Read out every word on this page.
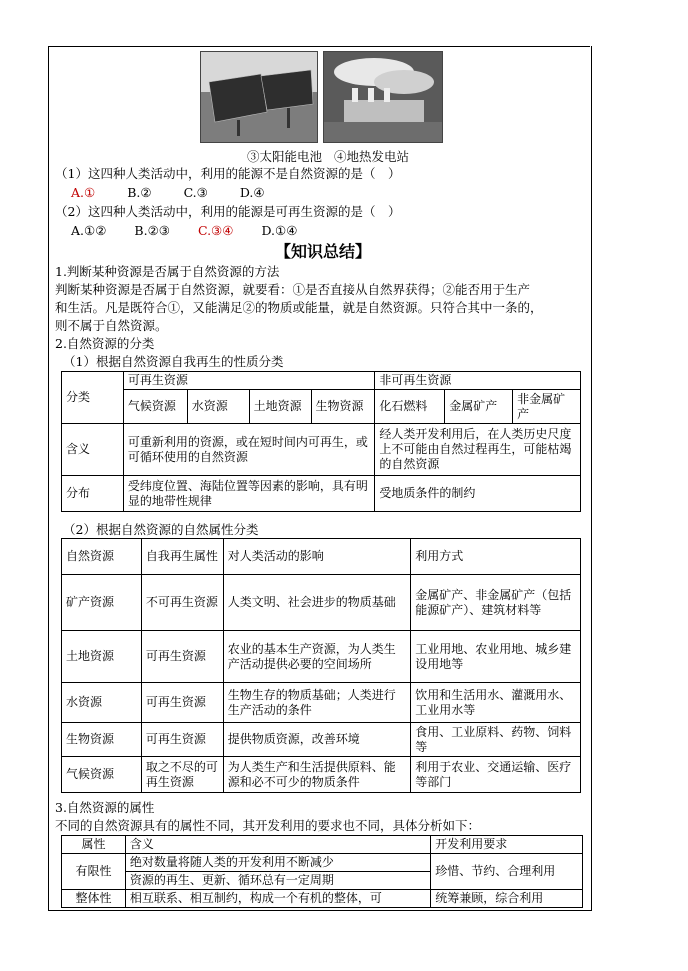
③太阳能电池 ④地热发电站
（1）这四种人类活动中，利用的能源不是自然资源的是（　）
A.①	B.②	C.③	D.④
（2）这四种人类活动中，利用的能源是可再生资源的是（　）
A.①② B.②③ C.③④ D.①④
【知识总结】
1.判断某种资源是否属于自然资源的方法
判断某种资源是否属于自然资源，就要看：①是否直接从自然界获得；②能否用于生产
和生活。凡是既符合①，又能满足②的物质或能量，就是自然资源。只符合其中一条的，
则不属于自然资源。
2.自然资源的分类
（1）根据自然资源自我再生的性质分类
分类	可再生资源				非可再生资源		
	气候资源	水资源	土地资源	生物资源	化石燃料	金属矿产	非金属矿产
含义	可重新利用的资源，或在短时间内可再生，或可循环使用的自然资源				经人类开发利用后，在人类历史尺度上不可能由自然过程再生，可能枯竭的自然资源		
分布	受纬度位置、海陆位置等因素的影响，具有明显的地带性规律				受地质条件的制约		
（2）根据自然资源的自然属性分类
自然资源	自我再生属性	对人类活动的影响	利用方式
矿产资源	不可再生资源	人类文明、社会进步的物质基础	金属矿产、非金属矿产（包括能源矿产）、建筑材料等
土地资源	可再生资源	农业的基本生产资源，为人类生产活动提供必要的空间场所	工业用地、农业用地、城乡建设用地等
水资源	可再生资源	生物生存的物质基础；人类进行生产活动的条件	饮用和生活用水、灌溉用水、工业用水等
生物资源	可再生资源	提供物质资源，改善环境	食用、工业原料、药物、饲料等
气候资源	取之不尽的可再生资源	为人类生产和生活提供原料、能源和必不可少的物质条件	利用于农业、交通运输、医疗等部门
3.自然资源的属性
不同的自然资源具有的属性不同，其开发利用的要求也不同，具体分析如下：
属性	含义	开发利用要求
有限性	绝对数量将随人类的开发利用不断减少	珍惜、节约、合理利用
	资源的再生、更新、循环总有一定周期	
整体性	相互联系、相互制约，构成一个有机的整体，可	统筹兼顾，综合利用
